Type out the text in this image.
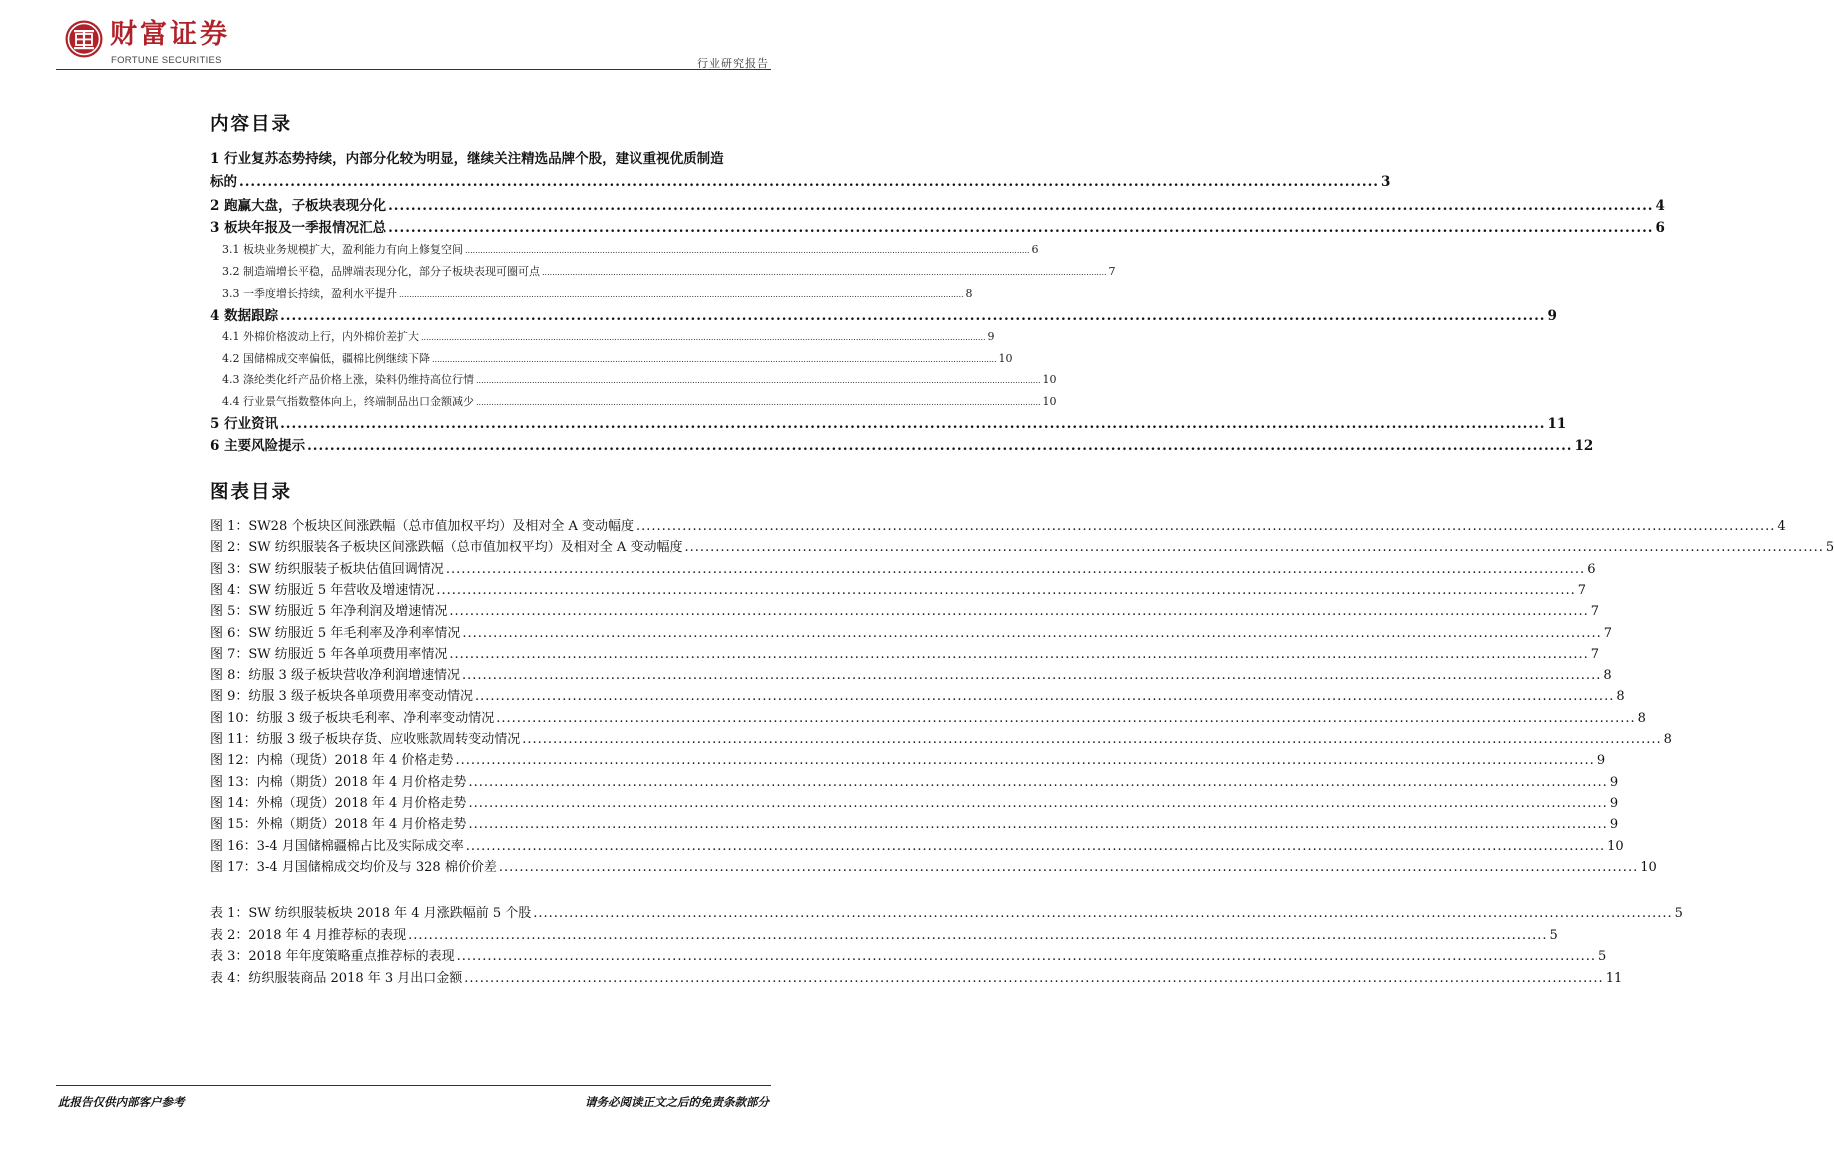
财富证券
FORTUNE SECURITIES	行业研究报告
内容目录
1 行业复苏态势持续，内部分化较为明显，继续关注精选品牌个股，建议重视优质制造
标的 ........................................................................................................................................................................................................ 3
2 跑赢大盘，子板块表现分化 .............................................................................................................................................................................................................................. 4
3 板块年报及一季报情况汇总 .............................................................................................................................................................................................................................. 6
3.1 板块业务规模扩大，盈利能力有向上修复空间 .............................................................................................................................................................................................................................. 6
3.2 制造端增长平稳，品牌端表现分化，部分子板块表现可圈可点 .............................................................................................................................................................................................................................. 7
3.3 一季度增长持续，盈利水平提升 .............................................................................................................................................................................................................................. 8
4 数据跟踪 .............................................................................................................................................................................................................................. 9
4.1 外棉价格波动上行，内外棉价差扩大 .............................................................................................................................................................................................................................. 9
4.2 国储棉成交率偏低，疆棉比例继续下降 .............................................................................................................................................................................................................................. 10
4.3 涤纶类化纤产品价格上涨，染料仍维持高位行情 .............................................................................................................................................................................................................................. 10
4.4 行业景气指数整体向上，终端制品出口金额减少 .............................................................................................................................................................................................................................. 10
5 行业资讯 .............................................................................................................................................................................................................................. 11
6 主要风险提示 .............................................................................................................................................................................................................................. 12
图表目录
图 1：SW28 个板块区间涨跌幅（总市值加权平均）及相对全 A 变动幅度 .............................................................................................................................................................................................................................. 4
图 2：SW 纺织服装各子板块区间涨跌幅（总市值加权平均）及相对全 A 变动幅度 .............................................................................................................................................................................................................................. 5
图 3：SW 纺织服装子板块估值回调情况 .............................................................................................................................................................................................................................. 6
图 4：SW 纺服近 5 年营收及增速情况 .............................................................................................................................................................................................................................. 7
图 5：SW 纺服近 5 年净利润及增速情况 .............................................................................................................................................................................................................................. 7
图 6：SW 纺服近 5 年毛利率及净利率情况 .............................................................................................................................................................................................................................. 7
图 7：SW 纺服近 5 年各单项费用率情况 .............................................................................................................................................................................................................................. 7
图 8：纺服 3 级子板块营收净利润增速情况 .............................................................................................................................................................................................................................. 8
图 9：纺服 3 级子板块各单项费用率变动情况 .............................................................................................................................................................................................................................. 8
图 10：纺服 3 级子板块毛利率、净利率变动情况 .............................................................................................................................................................................................................................. 8
图 11：纺服 3 级子板块存货、应收账款周转变动情况 .............................................................................................................................................................................................................................. 8
图 12：内棉（现货）2018 年 4 价格走势 .............................................................................................................................................................................................................................. 9
图 13：内棉（期货）2018 年 4 月价格走势 .............................................................................................................................................................................................................................. 9
图 14：外棉（现货）2018 年 4 月价格走势 .............................................................................................................................................................................................................................. 9
图 15：外棉（期货）2018 年 4 月价格走势 .............................................................................................................................................................................................................................. 9
图 16：3-4 月国储棉疆棉占比及实际成交率 .............................................................................................................................................................................................................................. 10
图 17：3-4 月国储棉成交均价及与 328 棉价价差 .............................................................................................................................................................................................................................. 10
表 1：SW 纺织服装板块 2018 年 4 月涨跌幅前 5 个股 .............................................................................................................................................................................................................................. 5
表 2：2018 年 4 月推荐标的表现 .............................................................................................................................................................................................................................. 5
表 3：2018 年年度策略重点推荐标的表现 .............................................................................................................................................................................................................................. 5
表 4：纺织服装商品 2018 年 3 月出口金额 .............................................................................................................................................................................................................................. 11
此报告仅供内部客户参考	请务必阅读正文之后的免责条款部分
